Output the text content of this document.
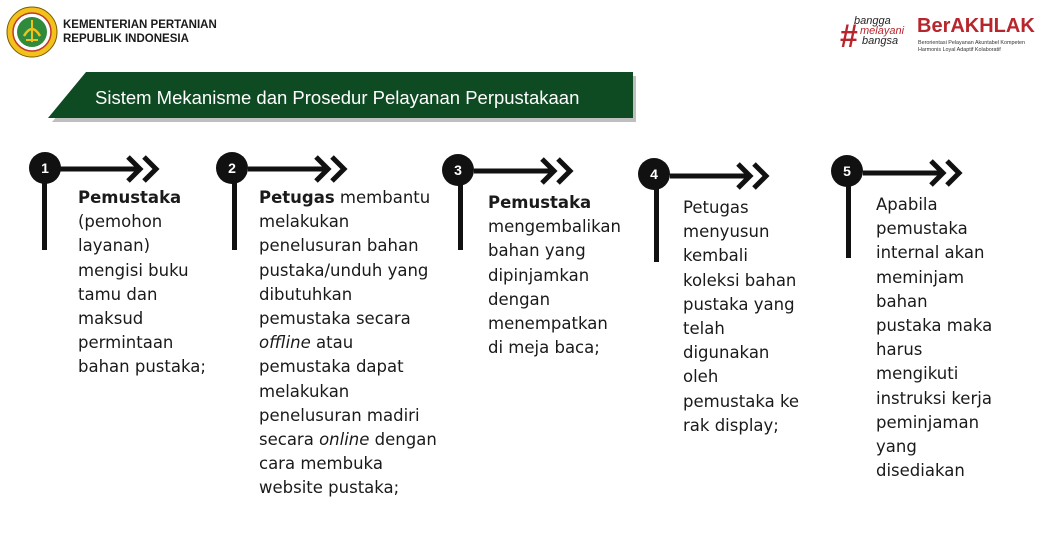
KEMENTERIAN PERTANIAN
REPUBLIK INDONESIA	#
bangga
melayani
bangsa
BerAKHLAK
Berorientasi Pelayanan Akuntabel Kompeten
Harmonis Loyal Adaptif Kolaboratif
Sistem Mekanisme dan Prosedur Pelayanan Perpustakaan
1
Pemustaka
(pemohon layanan) mengisi buku tamu dan maksud permintaan bahan pustaka;
2
Petugas membantu melakukan penelusuran bahan pustaka/unduh yang dibutuhkan pemustaka secara offline atau pemustaka dapat melakukan penelusuran madiri secara online dengan cara membuka website pustaka;
3
Pemustaka
mengembalikan bahan yang dipinjamkan dengan menempatkan di meja baca;
4
Petugas menyusun kembali koleksi bahan pustaka yang telah digunakan oleh pemustaka ke rak display;
5
Apabila pemustaka internal akan meminjam bahan pustaka maka harus mengikuti instruksi kerja peminjaman yang disediakan
